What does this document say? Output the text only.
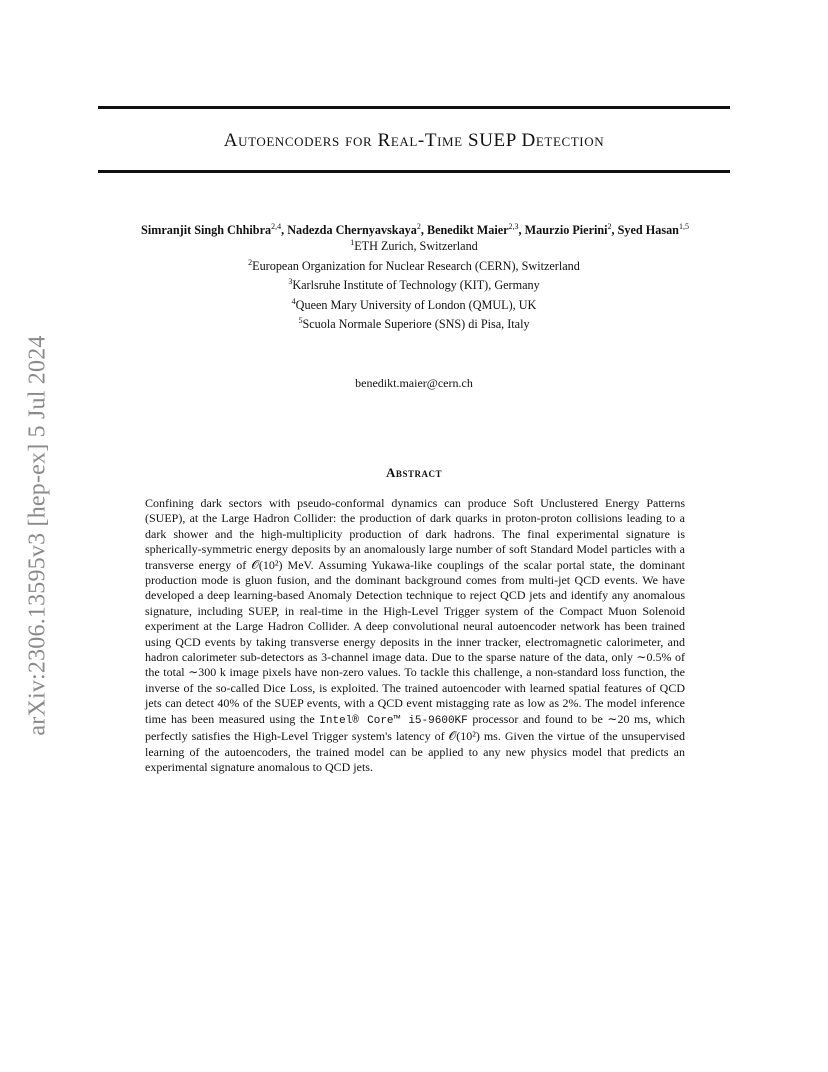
arXiv:2306.13595v3 [hep-ex] 5 Jul 2024
Autoencoders for Real-Time SUEP Detection
Simranjit Singh Chhibra$^{2,4}$, Nadezda Chernyavskaya$^2$, Benedikt Maier$^{2,3}$, Maurzio Pierini$^2$, Syed Hasan$^{1,5}$
$^1$ETH Zurich, Switzerland
$^2$European Organization for Nuclear Research (CERN), Switzerland
$^3$Karlsruhe Institute of Technology (KIT), Germany
$^4$Queen Mary University of London (QMUL), UK
$^5$Scuola Normale Superiore (SNS) di Pisa, Italy
benedikt.maier@cern.ch
Abstract

Confining dark sectors with pseudo-conformal dynamics can produce Soft Unclustered Energy Patterns (SUEP), at the Large Hadron Collider: the production of dark quarks in proton-proton collisions leading to a dark shower and the high-multiplicity production of dark hadrons. The final experimental signature is spherically-symmetric energy deposits by an anomalously large number of soft Standard Model particles with a transverse energy of 𝒪(10²) MeV. Assuming Yukawa-like couplings of the scalar portal state, the dominant production mode is gluon fusion, and the dominant background comes from multi-jet QCD events. We have developed a deep learning-based Anomaly Detection technique to reject QCD jets and identify any anomalous signature, including SUEP, in real-time in the High-Level Trigger system of the Compact Muon Solenoid experiment at the Large Hadron Collider. A deep convolutional neural autoencoder network has been trained using QCD events by taking transverse energy deposits in the inner tracker, electromagnetic calorimeter, and hadron calorimeter sub-detectors as 3-channel image data. Due to the sparse nature of the data, only ∼0.5% of the total ∼300 k image pixels have non-zero values. To tackle this challenge, a non-standard loss function, the inverse of the so-called Dice Loss, is exploited. The trained autoencoder with learned spatial features of QCD jets can detect 40% of the SUEP events, with a QCD event mistagging rate as low as 2%. The model inference time has been measured using the Intel® Core™ i5-9600KF processor and found to be ∼20 ms, which perfectly satisfies the High-Level Trigger system's latency of 𝒪(10²) ms. Given the virtue of the unsupervised learning of the autoencoders, the trained model can be applied to any new physics model that predicts an experimental signature anomalous to QCD jets.
